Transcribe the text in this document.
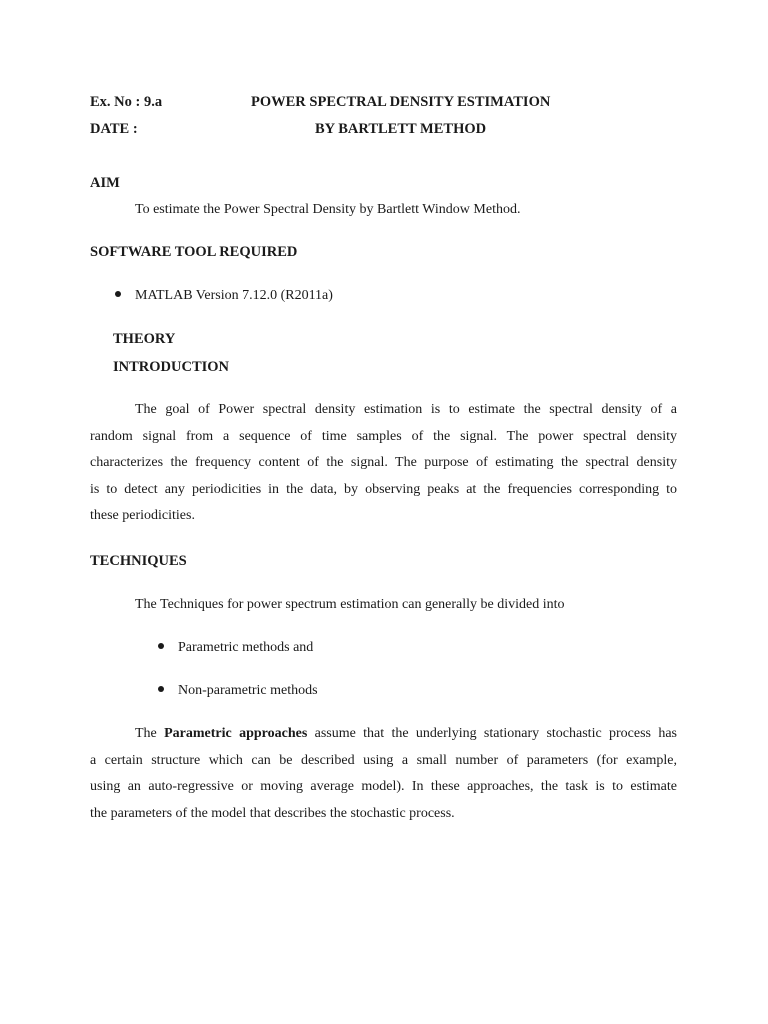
Ex. No : 9.a	POWER SPECTRAL DENSITY ESTIMATION
DATE :	BY BARTLETT METHOD
AIM
To estimate the Power Spectral Density by Bartlett Window Method.
SOFTWARE TOOL REQUIRED
MATLAB Version 7.12.0 (R2011a)
THEORY
INTRODUCTION
The goal of Power spectral density estimation is to estimate the spectral density of a
random signal from a sequence of time samples of the signal. The power spectral density
characterizes the frequency content of the signal. The purpose of estimating the spectral density
is to detect any periodicities in the data, by observing peaks at the frequencies corresponding to
these periodicities.
TECHNIQUES
The Techniques for power spectrum estimation can generally be divided into
Parametric methods and
Non-parametric methods
The Parametric approaches assume that the underlying stationary stochastic process has
a certain structure which can be described using a small number of parameters (for example,
using an auto-regressive or moving average model). In these approaches, the task is to estimate
the parameters of the model that describes the stochastic process.
